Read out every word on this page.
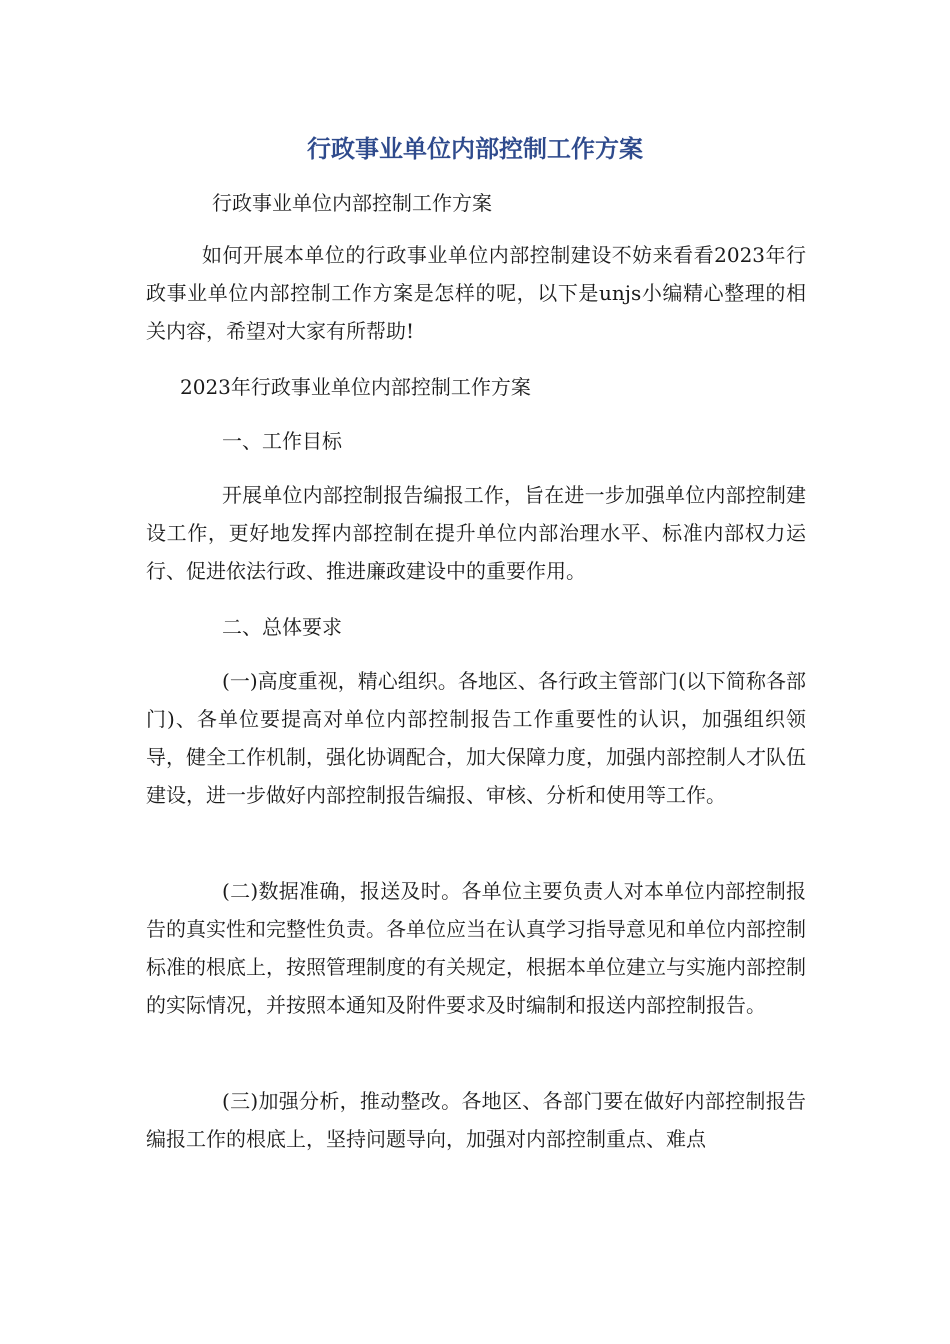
行政事业单位内部控制工作方案

行政事业单位内部控制工作方案

如何开展本单位的行政事业单位内部控制建设不妨来看看2023年行政事业单位内部控制工作方案是怎样的呢，以下是unjs小编精心整理的相关内容，希望对大家有所帮助!

2023年行政事业单位内部控制工作方案

一、工作目标

开展单位内部控制报告编报工作，旨在进一步加强单位内部控制建设工作，更好地发挥内部控制在提升单位内部治理水平、标准内部权力运行、促进依法行政、推进廉政建设中的重要作用。

二、总体要求

(一)高度重视，精心组织。各地区、各行政主管部门(以下简称各部门)、各单位要提高对单位内部控制报告工作重要性的认识，加强组织领导，健全工作机制，强化协调配合，加大保障力度，加强内部控制人才队伍建设，进一步做好内部控制报告编报、审核、分析和使用等工作。

(二)数据准确，报送及时。各单位主要负责人对本单位内部控制报告的真实性和完整性负责。各单位应当在认真学习指导意见和单位内部控制标准的根底上，按照管理制度的有关规定，根据本单位建立与实施内部控制的实际情况，并按照本通知及附件要求及时编制和报送内部控制报告。

(三)加强分析，推动整改。各地区、各部门要在做好内部控制报告编报工作的根底上，坚持问题导向，加强对内部控制重点、难点
